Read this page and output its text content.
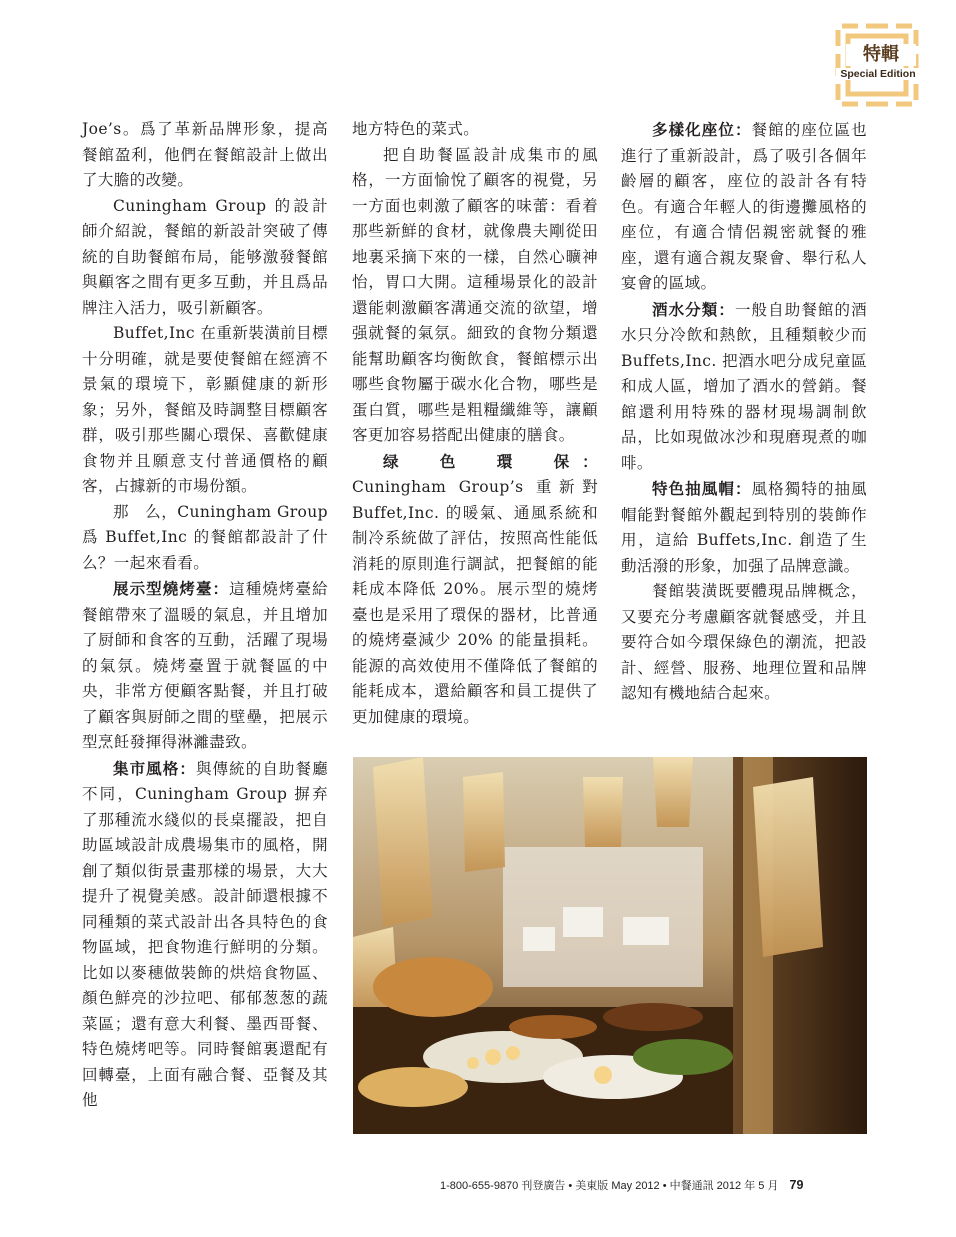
特輯
Special Edition

Joe’s。爲了革新品牌形象，提高餐館盈利，他們在餐館設計上做出了大膽的改變。

Cuningham Group 的設計師介紹說，餐館的新設計突破了傳統的自助餐館布局，能够激發餐館與顧客之間有更多互動，并且爲品牌注入活力，吸引新顧客。

Buffet,Inc 在重新裝潢前目標十分明確，就是要使餐館在經濟不景氣的環境下，彰顯健康的新形象；另外，餐館及時調整目標顧客群，吸引那些關心環保、喜歡健康食物并且願意支付普通價格的顧客，占據新的市場份額。

那　么，Cuningham Group 爲 Buffet,Inc 的餐館都設計了什么？一起來看看。

展示型燒烤臺：這種燒烤臺給餐館帶來了溫暖的氣息，并且增加了厨師和食客的互動，活躍了現場的氣氛。燒烤臺置于就餐區的中央，非常方便顧客點餐，并且打破了顧客與厨師之間的壁壘，把展示型烹飪發揮得淋灕盡致。

集市風格：與傳統的自助餐廳不同，Cuningham Group 摒弃了那種流水綫似的長桌擺設，把自助區域設計成農場集市的風格，開創了類似街景畫那樣的場景，大大提升了視覺美感。設計師還根據不同種類的菜式設計出各具特色的食物區域，把食物進行鮮明的分類。比如以麥穗做裝飾的烘焙食物區、顏色鮮亮的沙拉吧、郁郁葱葱的蔬菜區；還有意大利餐、墨西哥餐、特色燒烤吧等。同時餐館裏還配有回轉臺，上面有融合餐、亞餐及其他

地方特色的菜式。

把自助餐區設計成集市的風格，一方面愉悅了顧客的視覺，另一方面也刺激了顧客的味蕾：看着那些新鮮的食材，就像農夫剛從田地裏采摘下來的一樣，自然心曠神怡，胃口大開。這種場景化的設計還能刺激顧客溝通交流的欲望，增强就餐的氣氛。細致的食物分類還能幫助顧客均衡飲食，餐館標示出哪些食物屬于碳水化合物，哪些是蛋白質，哪些是粗糧纖維等，讓顧客更加容易搭配出健康的膳食。

绿　色　環　保：Cuningham Group’s 重新對 Buffet,Inc. 的暖氣、通風系統和制冷系統做了評估，按照高性能低消耗的原則進行調試，把餐館的能耗成本降低 20%。展示型的燒烤臺也是采用了環保的器材，比普通的燒烤臺減少 20% 的能量損耗。能源的高效使用不僅降低了餐館的能耗成本，還給顧客和員工提供了更加健康的環境。

多樣化座位：餐館的座位區也進行了重新設計，爲了吸引各個年齡層的顧客，座位的設計各有特色。有適合年輕人的街邊攤風格的座位，有適合情侶親密就餐的雅座，還有適合親友聚會、舉行私人宴會的區域。

酒水分類：一般自助餐館的酒水只分冷飲和熱飲，且種類較少而 Buffets,Inc. 把酒水吧分成兒童區和成人區，增加了酒水的營銷。餐館還利用特殊的器材現場調制飲品，比如現做冰沙和現磨現煮的咖啡。

特色抽風帽：風格獨特的抽風帽能對餐館外觀起到特別的裝飾作用，這給 Buffets,Inc. 創造了生動活潑的形象，加强了品牌意識。

餐館裝潢既要體現品牌概念，又要充分考慮顧客就餐感受，并且要符合如今環保綠色的潮流，把設計、經營、服務、地理位置和品牌認知有機地結合起來。

1-800-655-9870 刊登廣告 • 美東版 May 2012 • 中餐通訊 2012 年 5 月 79
